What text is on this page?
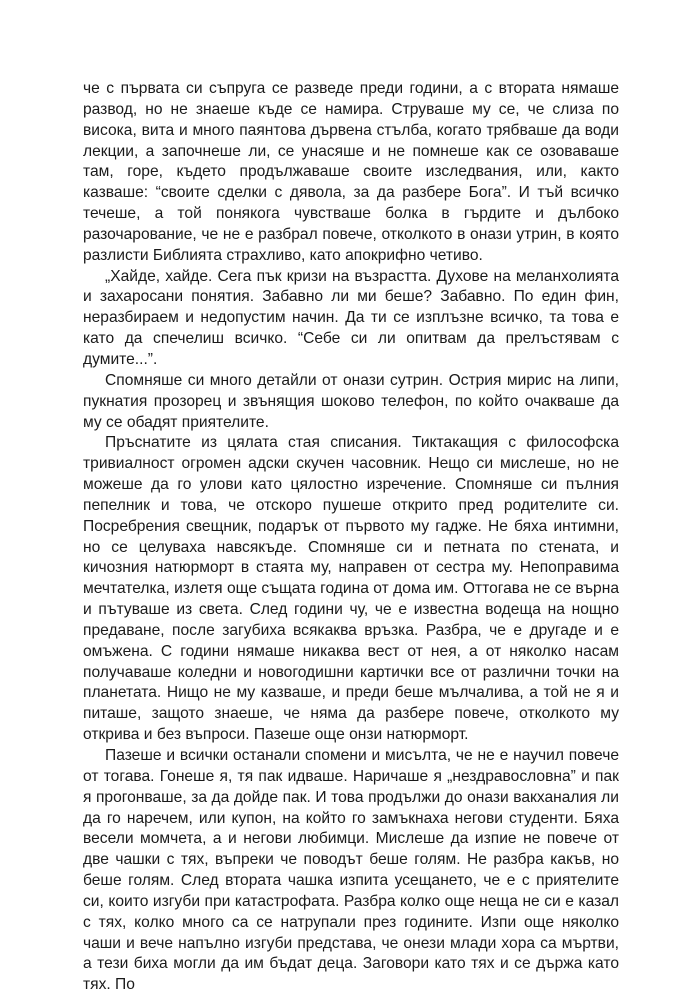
че с първата си съпруга се разведе преди години, а с втората нямаше развод, но не знаеше къде се намира. Струваше му се, че слиза по висока, вита и много паянтова дървена стълба, когато трябваше да води лекции, а започнеше ли, се унасяше и не помнеше как се озоваваше там, горе, където продължаваше своите изследвания, или, както казваше: “своите сделки с дявола, за да разбере Бога”. И тъй всичко течеше, а той понякога чувстваше болка в гърдите и дълбоко разочарование, че не е разбрал повече, отколкото в онази утрин, в която разлисти Библията страхливо, като апокрифно четиво.

„Хайде, хайде. Сега пък кризи на възрастта. Духове на меланхолията и захаросани понятия. Забавно ли ми беше? Забавно. По един фин, неразбираем и недопустим начин. Да ти се изплъзне всичко, та това е като да спечелиш всичко. “Себе си ли опитвам да прелъстявам с думите...”.

Спомняше си много детайли от онази сутрин. Острия мирис на липи, пукнатия прозорец и звънящия шоково телефон, по който очакваше да му се обадят приятелите.

Пръснатите из цялата стая списания. Тиктакащия с философска тривиалност огромен адски скучен часовник. Нещо си мислеше, но не можеше да го улови като цялостно изречение. Спомняше си пълния пепелник и това, че отскоро пушеше открито пред родителите си. Посребрения свещник, подарък от първото му гадже. Не бяха интимни, но се целуваха навсякъде. Спомняше си и петната по стената, и кичозния натюрморт в стаята му, направен от сестра му. Непоправима мечтателка, излетя още същата година от дома им. Оттогава не се върна и пътуваше из света. След години чу, че е известна водеща на нощно предаване, после загубиха всякаква връзка. Разбра, че е другаде и е омъжена. С години нямаше никаква вест от нея, а от няколко насам получаваше коледни и новогодишни картички все от различни точки на планетата. Нищо не му казваше, и преди беше мълчалива, а той не я и питаше, защото знаеше, че няма да разбере повече, отколкото му открива и без въпроси. Пазеше още онзи натюрморт.

Пазеше и всички останали спомени и мисълта, че не е научил повече от тогава. Гонеше я, тя пак идваше. Наричаше я „нездравословна” и пак я прогонваше, за да дойде пак. И това продължи до онази вакханалия ли да го наречем, или купон, на който го замъкнаха негови студенти. Бяха весели момчета, а и негови любимци. Мислеше да изпие не повече от две чашки с тях, въпреки че поводът беше голям. Не разбра какъв, но беше голям. След втората чашка изпита усещането, че е с приятелите си, които изгуби при катастрофата. Разбра колко още неща не си е казал с тях, колко много са се натрупали през годините. Изпи още няколко чаши и вече напълно изгуби представа, че онези млади хора са мъртви, а тези биха могли да им бъдат деца. Заговори като тях и се държа като тях. По
